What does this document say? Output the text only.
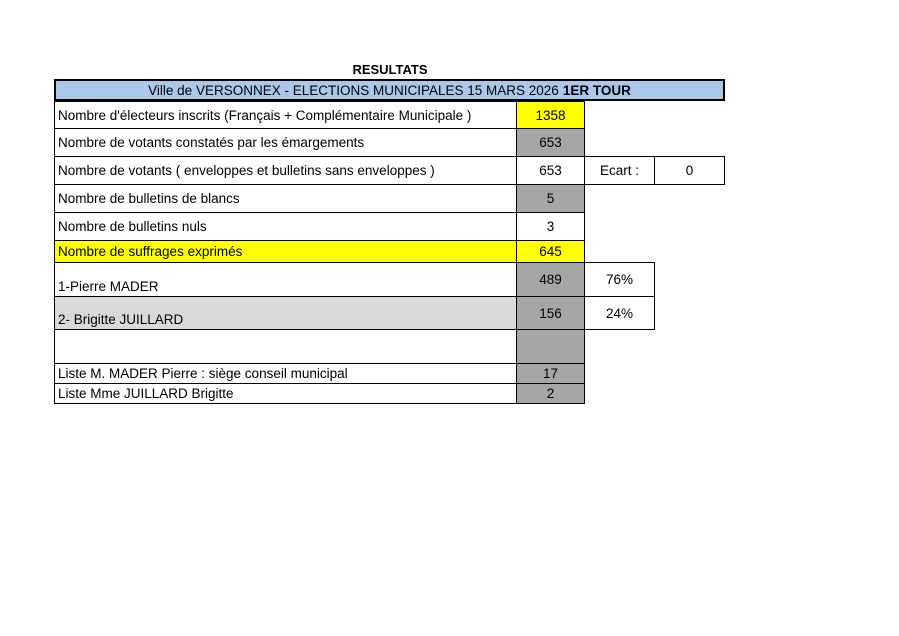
RESULTATS
Ville de VERSONNEX - ELECTIONS MUNICIPALES 15 MARS 2026 1ER TOUR
Nombre d'électeurs inscrits (Français + Complémentaire Municipale )	1358
Nombre de votants constatés par les émargements	653
Nombre de votants ( enveloppes et bulletins sans enveloppes )	653	Ecart :	0
Nombre de bulletins de blancs	5
Nombre de bulletins nuls	3
Nombre de suffrages exprimés	645
1-Pierre MADER	489	76%
2- Brigitte JUILLARD	156	24%
Liste M. MADER Pierre : siège conseil municipal	17
Liste Mme JUILLARD Brigitte	2
